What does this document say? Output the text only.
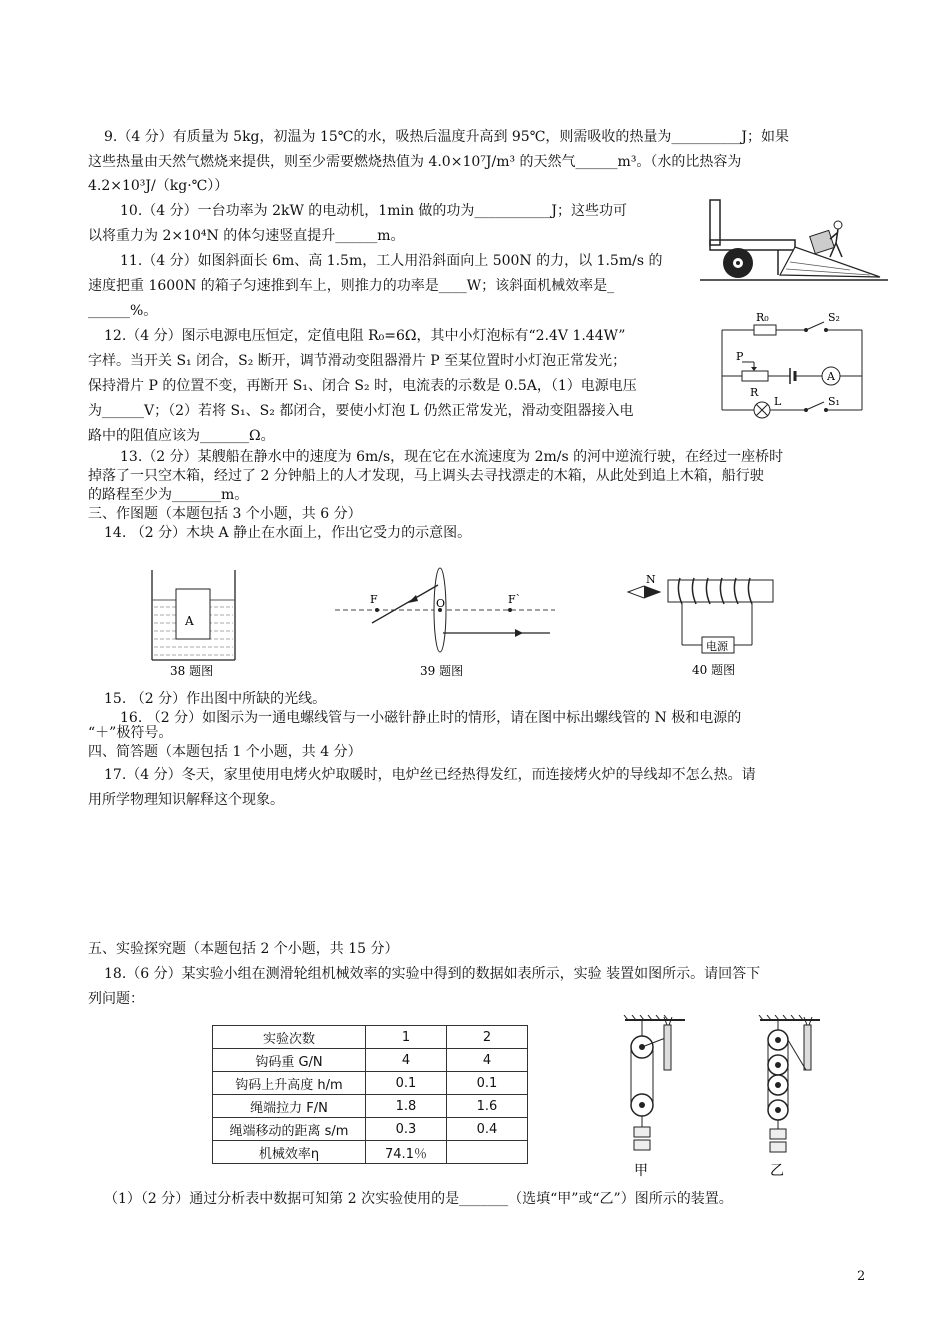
9.（4 分）有质量为 5kg，初温为 15℃的水，吸热后温度升高到 95℃，则需吸收的热量为__________J；如果
这些热量由天然气燃烧来提供，则至少需要燃烧热值为 4.0×10⁷J/m³ 的天然气______m³。（水的比热容为
4.2×10³J/（kg·℃））
10.（4 分）一台功率为 2kW 的电动机，1min 做的功为___________J；这些功可
以将重力为 2×10⁴N 的体匀速竖直提升______m。
11.（4 分）如图斜面长 6m、高 1.5m，工人用沿斜面向上 500N 的力，以 1.5m/s 的
速度把重 1600N 的箱子匀速推到车上，则推力的功率是____W；该斜面机械效率是_
______%。
12.（4 分）图示电源电压恒定，定值电阻 R₀=6Ω，其中小灯泡标有“2.4V 1.44W”
字样。当开关 S₁ 闭合，S₂ 断开，调节滑动变阻器滑片 P 至某位置时小灯泡正常发光；
保持滑片 P 的位置不变，再断开 S₁、闭合 S₂ 时，电流表的示数是 0.5A，（1）电源电压
为______V；（2）若将 S₁、S₂ 都闭合，要使小灯泡 L 仍然正常发光，滑动变阻器接入电
路中的阻值应该为_______Ω。
R₀	S₂
P
R
A
L	S₁
13.（2 分）某艘船在静水中的速度为 6m/s，现在它在水流速度为 2m/s 的河中逆流行驶，在经过一座桥时
掉落了一只空木箱，经过了 2 分钟船上的人才发现，马上调头去寻找漂走的木箱，从此处到追上木箱，船行驶
的路程至少为_______m。
三、作图题（本题包括 3 个小题，共 6 分）
14. （2 分）木块 A 静止在水面上，作出它受力的示意图。
A
38 题图
F	O	F`
39 题图
N
电源
40 题图
15. （2 分）作出图中所缺的光线。
16. （2 分）如图示为一通电螺线管与一小磁针静止时的情形，请在图中标出螺线管的 N 极和电源的
“＋”极符号。
四、简答题（本题包括 1 个小题，共 4 分）
17.（4 分）冬天，家里使用电烤火炉取暖时，电炉丝已经热得发红，而连接烤火炉的导线却不怎么热。请
用所学物理知识解释这个现象。
五、实验探究题（本题包括 2 个小题，共 15 分）
18.（6 分）某实验小组在测滑轮组机械效率的实验中得到的数据如表所示，实验 装置如图所示。请回答下
列问题：
实验次数	1	2
钩码重 G/N	4	4
钩码上升高度 h/m	0.1	0.1
绳端拉力 F/N	1.8	1.6
绳端移动的距离 s/m	0.3	0.4
机械效率η	74.1％	
甲	乙
（1）（2 分）通过分析表中数据可知第 2 次实验使用的是_______（选填“甲”或“乙”）图所示的装置。
2
